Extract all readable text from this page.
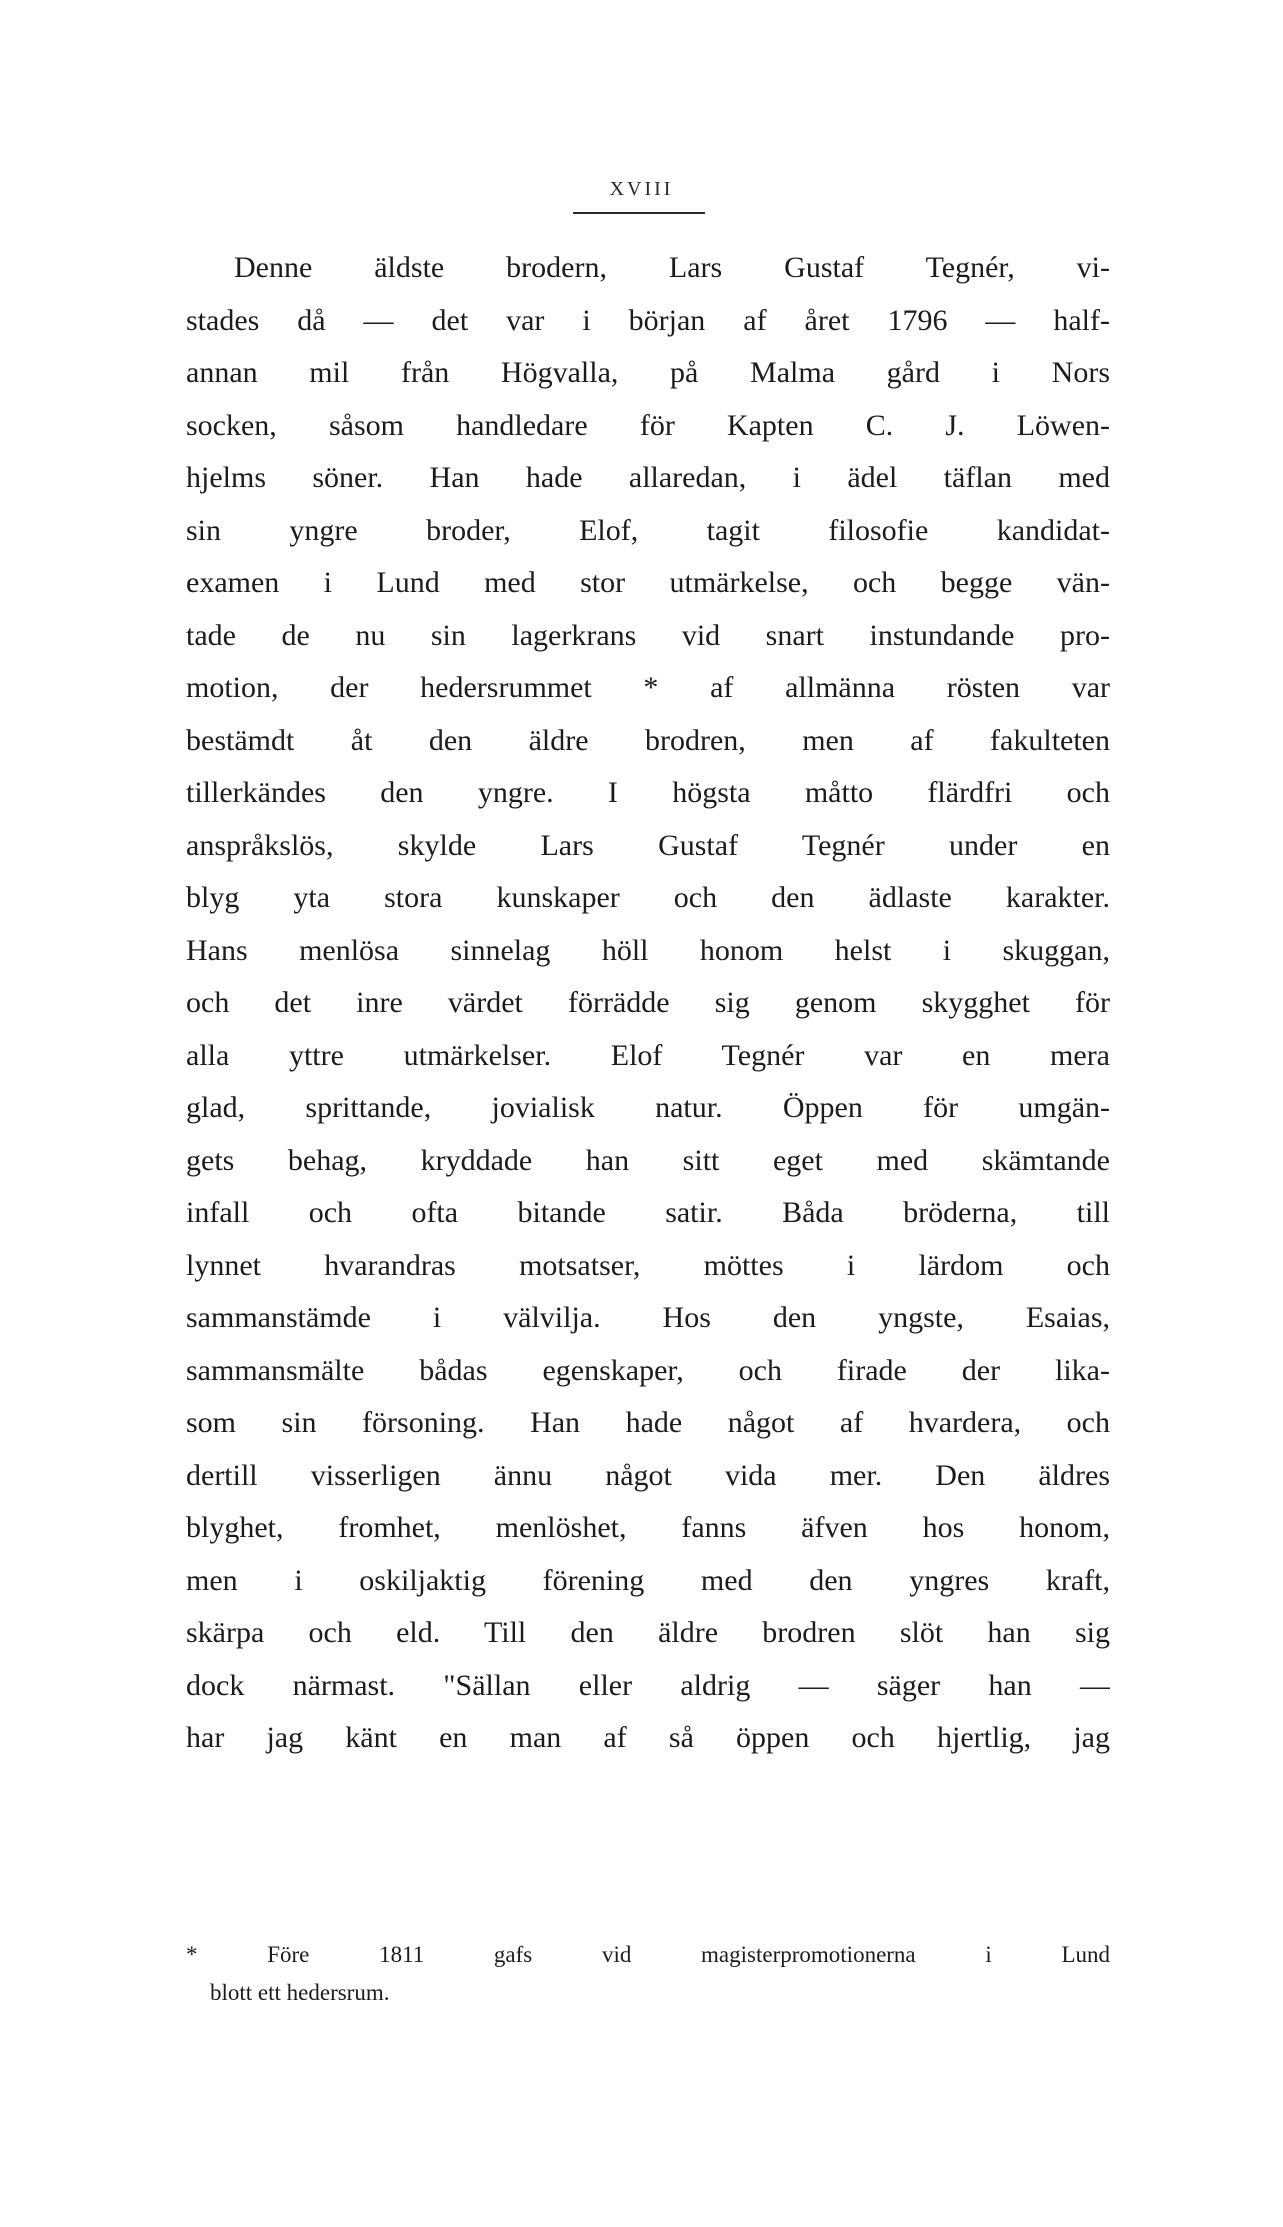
XVIII
Denne äldste brodern, Lars Gustaf Tegnér, vi-
stades då — det var i början af året 1796 — half-
annan mil från Högvalla, på Malma gård i Nors
socken, såsom handledare för Kapten C. J. Löwen-
hjelms söner. Han hade allaredan, i ädel täflan med
sin yngre broder, Elof, tagit filosofie kandidat-
examen i Lund med stor utmärkelse, och begge vän-
tade de nu sin lagerkrans vid snart instundande pro-
motion, der hedersrummet * af allmänna rösten var
bestämdt åt den äldre brodren, men af fakulteten
tillerkändes den yngre. I högsta måtto flärdfri och
anspråkslös, skylde Lars Gustaf Tegnér under en
blyg yta stora kunskaper och den ädlaste karakter.
Hans menlösa sinnelag höll honom helst i skuggan,
och det inre värdet förrädde sig genom skygghet för
alla yttre utmärkelser. Elof Tegnér var en mera
glad, sprittande, jovialisk natur. Öppen för umgän-
gets behag, kryddade han sitt eget med skämtande
infall och ofta bitande satir. Båda bröderna, till
lynnet hvarandras motsatser, möttes i lärdom och
sammanstämde i välvilja. Hos den yngste, Esaias,
sammansmälte bådas egenskaper, och firade der lika-
som sin försoning. Han hade något af hvardera, och
dertill visserligen ännu något vida mer. Den äldres
blyghet, fromhet, menlöshet, fanns äfven hos honom,
men i oskiljaktig förening med den yngres kraft,
skärpa och eld. Till den äldre brodren slöt han sig
dock närmast. "Sällan eller aldrig — säger han —
har jag känt en man af så öppen och hjertlig, jag
* Före 1811 gafs vid magisterpromotionerna i Lund
blott ett hedersrum.
